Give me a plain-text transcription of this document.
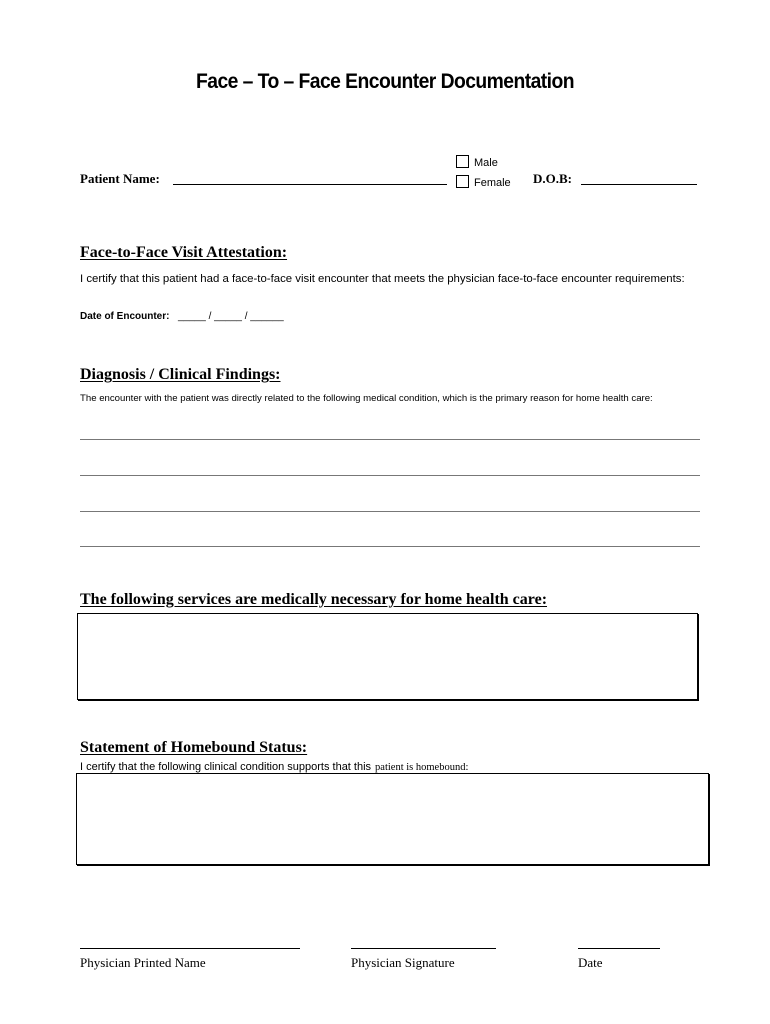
Face – To – Face Encounter Documentation
Patient Name:
Male
Female D.O.B:
Face-to-Face Visit Attestation:
I certify that this patient had a face-to-face visit encounter that meets the physician face-to-face encounter requirements:
Date of Encounter: _____ / _____ / ______
Diagnosis / Clinical Findings:
The encounter with the patient was directly related to the following medical condition, which is the primary reason for home health care:
The following services are medically necessary for home health care:
Statement of Homebound Status:
I certify that the following clinical condition supports that this patient is homebound:
Physician Printed Name	Physician Signature	Date
